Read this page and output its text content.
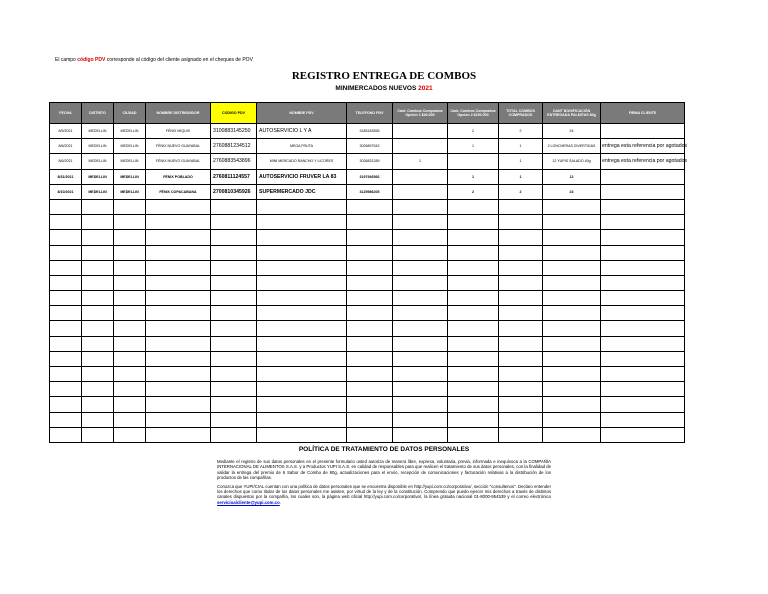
El campo código PDV corresponde al código del cliente asignado en el cheques de POV
REGISTRO ENTREGA DE COMBOS
MINIMERCADOS NUEVOS 2021
FECHA	DISTRITO	CIUDAD	NOMBRE DISTRIBUIDOR	CODIGO PDV	NOMBRE PDV	TELEFONO PDV	Cant. Combos Comprados Opción 1 $40.000	Cant. Combos Comprados Opción 2 $150.000	TOTAL COMBOS COMPRADOS	CANT BONIFICACIÓN ENTREGADA PALMITAS 80g	FIRMA CLIENTE
8/5/2021	MEDELLIN	MEDELLIN	FÉNIX MIQUIX	3100883145250	AUTOSERVICIO L Y A	3185183556		2	2	24	
8/6/2021	MEDELLIN	MEDELLIN	FÉNIX NUEVO GUAYABAL	2760881234512	MEGA FRUTA	3026897543		1	1	2 LONCHERAS DIVERTIDAS	entrega esta referencia por agotados
8/6/2021	MEDELLIN	MEDELLIN	FÉNIX NUEVO GUAYABAL	2760883543896	MINI MERCADO RANCHO Y LICORES	3026831289	1		1	12 YUPIS SALADO 40g	entrega esta referencia por agotados
8/31/2021	MEDELLIN	MEDELLIN	FÉNIX POBLADO	2760811124557	AUTOSERVICIO FRUVER LA 83	3197946566		1	1	12	
8/10/2021	MEDELLIN	MEDELLIN	FÉNIX COPACABANA	2700810345926	SUPERMERCADO JDC	3125986205		2	2	24	

POLÍTICA DE TRATAMIENTO DE DATOS PERSONALES

Mediante el registro de sus datos personales en el presente formulario usted autoriza de manera libre, expresa, voluntaria, previa, informada e inequívoca a la COMPAÑÍA INTERNACIONAL DE ALIMENTOS S.A.S. y a Productos YUPI S.A.S. en calidad de responsables para que realicen el tratamiento de sus datos personales, con la finalidad de validar la entrega del premio de 6 Sabor de Combo de 80g, actualizaciones para el envío, recepción de comunicaciones y facturación relativas a la distribución de los productos de las compañías.

Conozca que YUPI/CIAL cuentan con una política de datos personales que se encuentra disponible en http://yupi.com.co/corporativo/, sección "consultenos". Declaro entender los derechos que como titular de los datos personales me asisten, por virtud de la ley y de la constitución. Comprendo que puedo ejercer mis derechos a través de distintos canales dispuestos por la compañía, los cuales son, la página web oficial http://yupi.com.co/corporativo/, la línea gratuita nacional 01-8000-954539 y el correo electrónico servicioalcliente@yupi.com.co.
